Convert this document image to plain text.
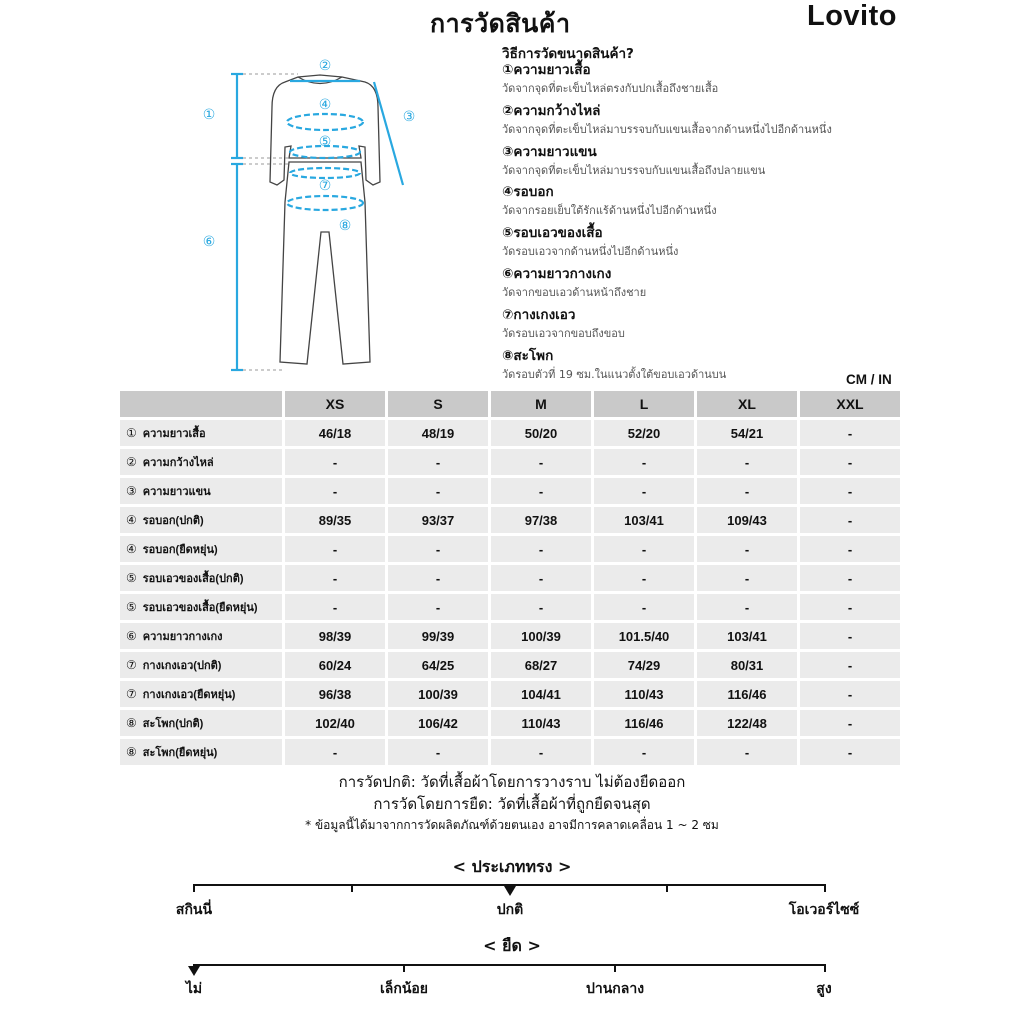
การวัดสินค้า	Lovito
①
②
③
④
⑤
⑥
⑦
⑧
วิธีการวัดขนาดสินค้า?
①ความยาวเสื้อ
วัดจากจุดที่ตะเข็บไหล่ตรงกับปกเสื้อถึงชายเสื้อ
②ความกว้างไหล่
วัดจากจุดที่ตะเข็บไหล่มาบรรจบกับแขนเสื้อจากด้านหนึ่งไปอีกด้านหนึ่ง
③ความยาวแขน
วัดจากจุดที่ตะเข็บไหล่มาบรรจบกับแขนเสื้อถึงปลายแขน
④รอบอก
วัดจากรอยเย็บใต้รักแร้ด้านหนึ่งไปอีกด้านหนึ่ง
⑤รอบเอวของเสื้อ
วัดรอบเอวจากด้านหนึ่งไปอีกด้านหนึ่ง
⑥ความยาวกางเกง
วัดจากขอบเอวด้านหน้าถึงชาย
⑦กางเกงเอว
วัดรอบเอวจากขอบถึงขอบ
⑧สะโพก
วัดรอบตัวที่ 19 ซม.ในแนวตั้งใต้ขอบเอวด้านบน	CM / IN
XS	S	M	L	XL	XXL
① ความยาวเสื้อ	46/18	48/19	50/20	52/20	54/21	-
② ความกว้างไหล่	-	-	-	-	-	-
③ ความยาวแขน	-	-	-	-	-	-
④ รอบอก(ปกติ)	89/35	93/37	97/38	103/41	109/43	-
④ รอบอก(ยืดหยุ่น)	-	-	-	-	-	-
⑤ รอบเอวของเสื้อ(ปกติ)	-	-	-	-	-	-
⑤ รอบเอวของเสื้อ(ยืดหยุ่น)	-	-	-	-	-	-
⑥ ความยาวกางเกง	98/39	99/39	100/39	101.5/40	103/41	-
⑦ กางเกงเอว(ปกติ)	60/24	64/25	68/27	74/29	80/31	-
⑦ กางเกงเอว(ยืดหยุ่น)	96/38	100/39	104/41	110/43	116/46	-
⑧ สะโพก(ปกติ)	102/40	106/42	110/43	116/46	122/48	-
⑧ สะโพก(ยืดหยุ่น)	-	-	-	-	-	-
การวัดปกติ: วัดที่เสื้อผ้าโดยการวางราบ ไม่ต้องยืดออก
การวัดโดยการยืด: วัดที่เสื้อผ้าที่ถูกยืดจนสุด
* ข้อมูลนี้ได้มาจากการวัดผลิตภัณฑ์ด้วยตนเอง อาจมีการคลาดเคลื่อน 1 ~ 2 ซม
< ประเภททรง >
สกินนี่	ปกติ	โอเวอร์ไซซ์
< ยืด >
ไม่	เล็กน้อย	ปานกลาง	สูง
